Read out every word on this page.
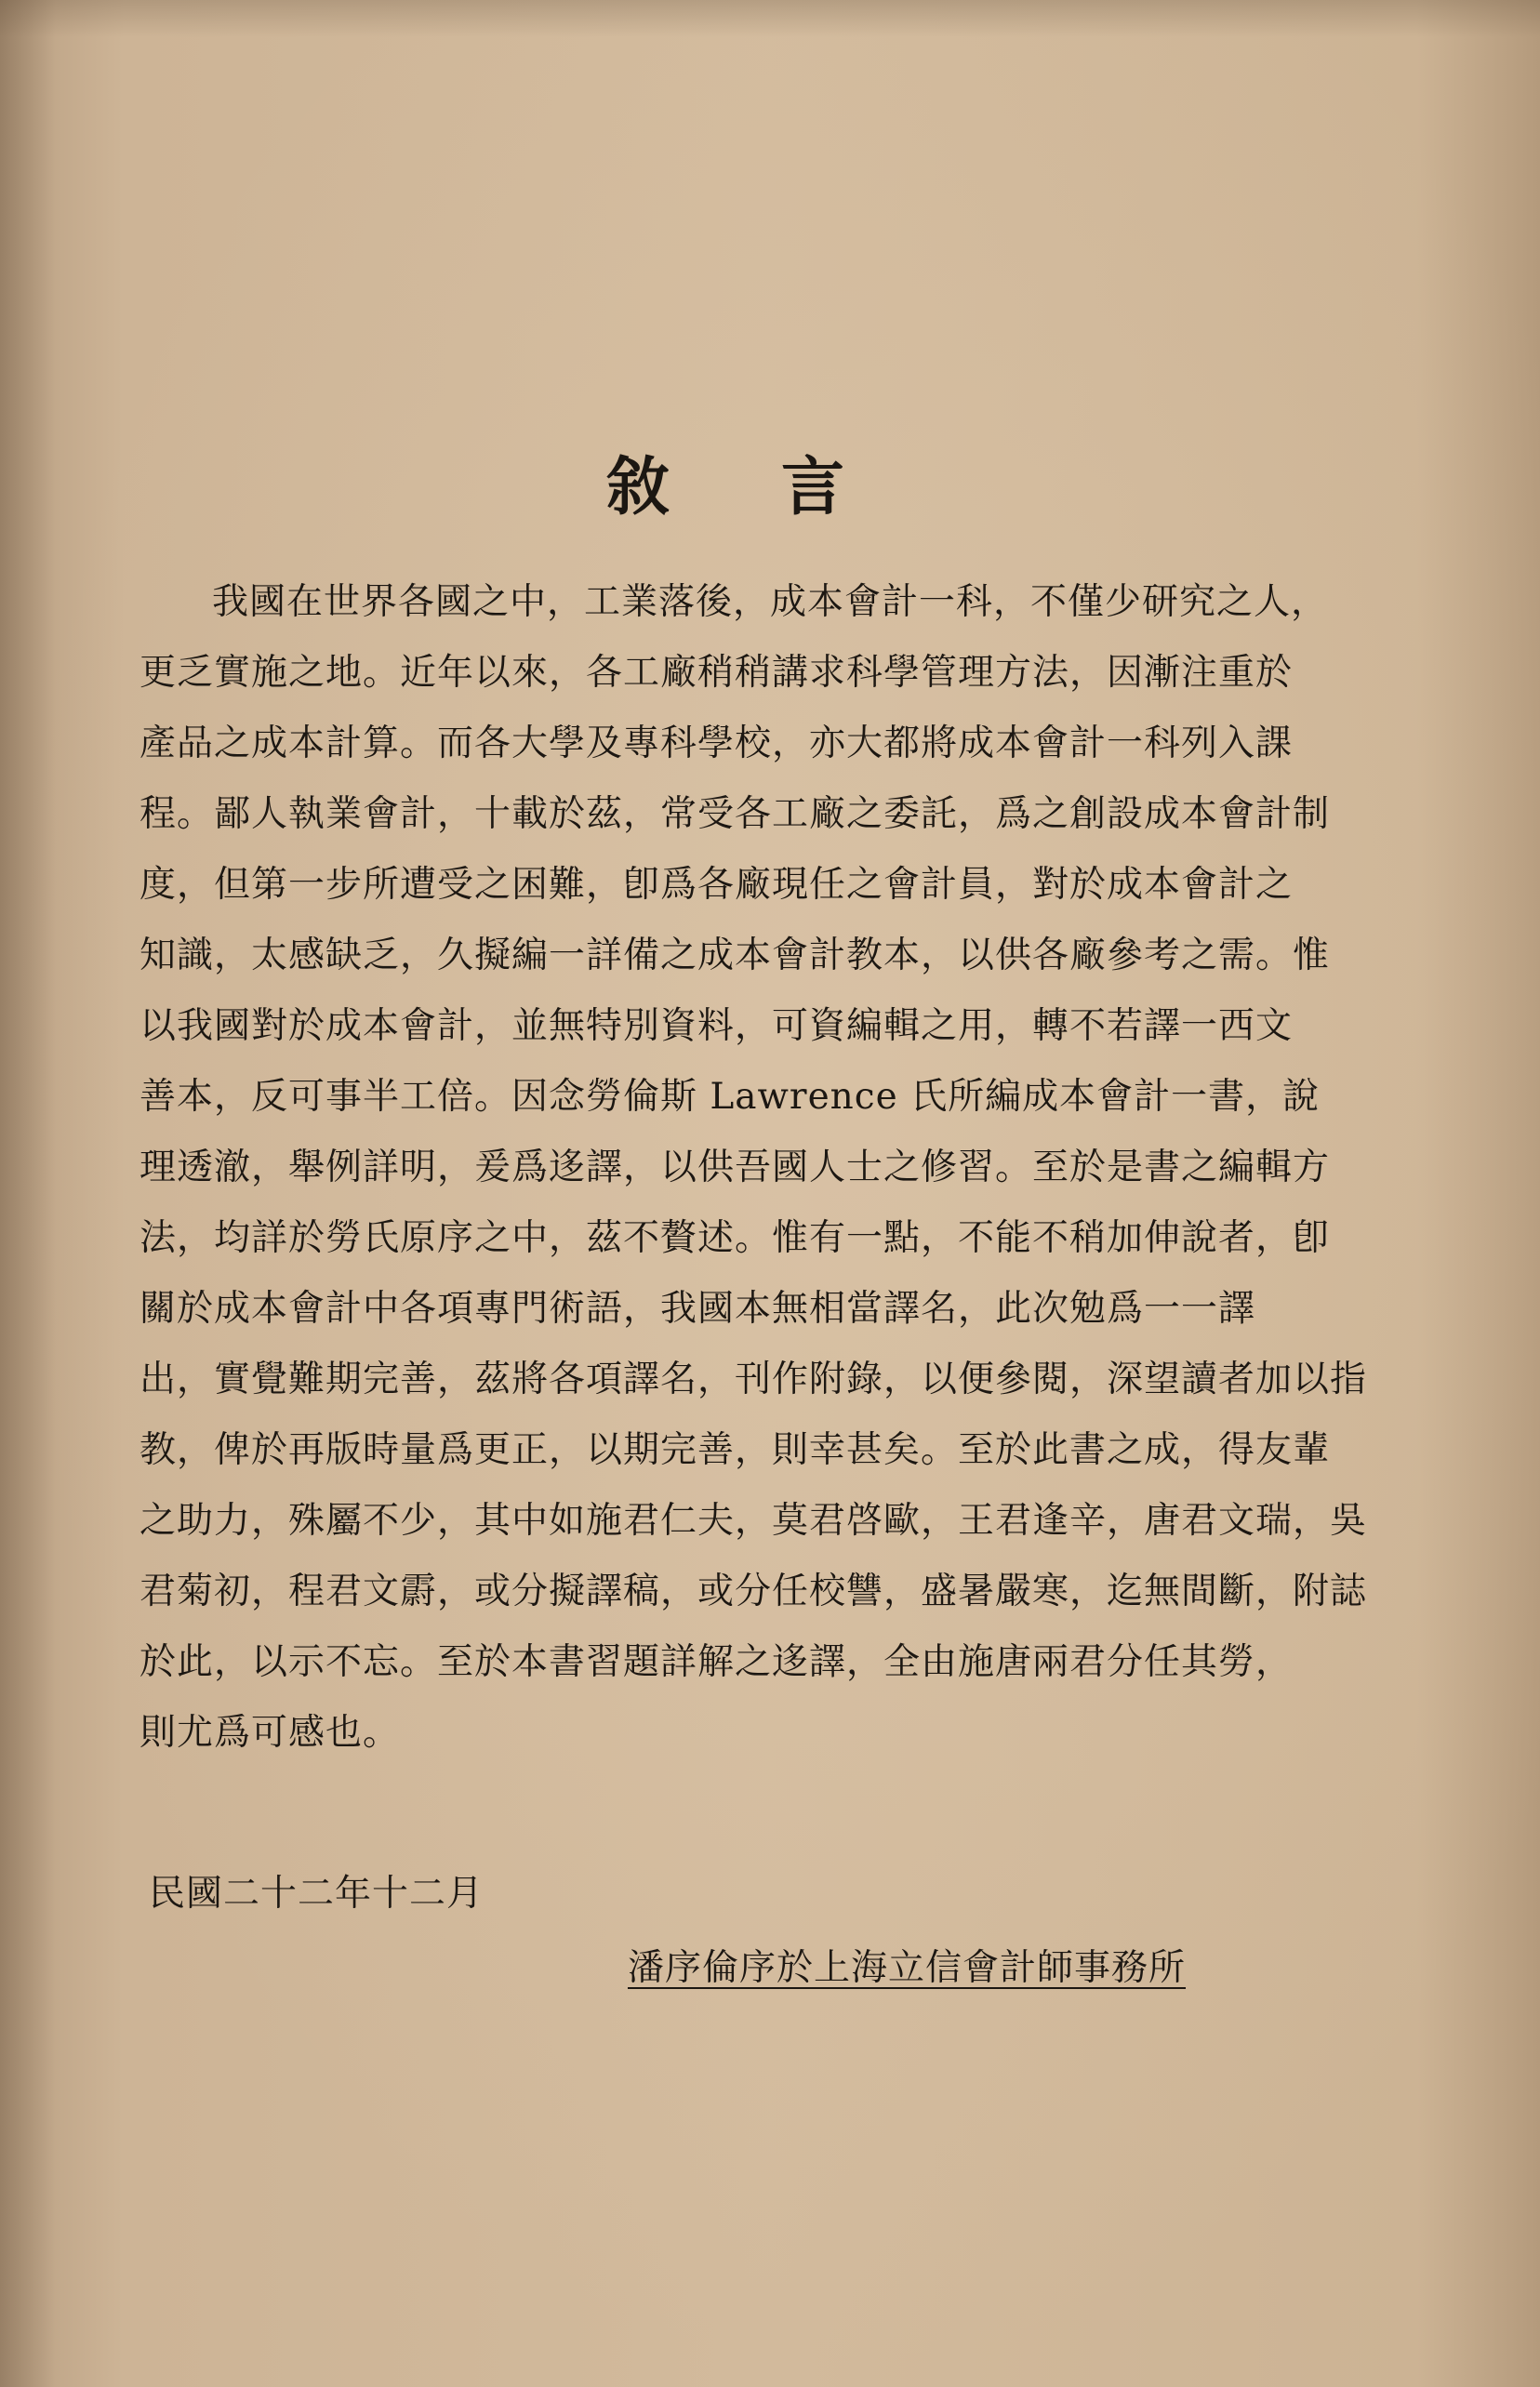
敘言
我國在世界各國之中，工業落後，成本會計一科，不僅少研究之人，
更乏實施之地。近年以來，各工廠稍稍講求科學管理方法，因漸注重於
產品之成本計算。而各大學及專科學校，亦大都將成本會計一科列入課
程。鄙人執業會計，十載於茲，常受各工廠之委託，爲之創設成本會計制
度，但第一步所遭受之困難，卽爲各廠現任之會計員，對於成本會計之
知識，太感缺乏，久擬編一詳備之成本會計教本，以供各廠參考之需。惟
以我國對於成本會計，並無特別資料，可資編輯之用，轉不若譯一西文
善本，反可事半工倍。因念勞倫斯 Lawrence 氏所編成本會計一書，說
理透澈，舉例詳明，爰爲迻譯，以供吾國人士之修習。至於是書之編輯方
法，均詳於勞氏原序之中，茲不贅述。惟有一點，不能不稍加伸說者，卽
關於成本會計中各項專門術語，我國本無相當譯名，此次勉爲一一譯
出，實覺難期完善，茲將各項譯名，刊作附錄，以便參閱，深望讀者加以指
教，俾於再版時量爲更正，以期完善，則幸甚矣。至於此書之成，得友輩
之助力，殊屬不少，其中如施君仁夫，莫君啓歐，王君逢辛，唐君文瑞，吳
君菊初，程君文霨，或分擬譯稿，或分任校讐，盛暑嚴寒，迄無間斷，附誌
於此，以示不忘。至於本書習題詳解之迻譯，全由施唐兩君分任其勞，
則尤爲可感也。
民國二十二年十二月
潘序倫序於上海立信會計師事務所
